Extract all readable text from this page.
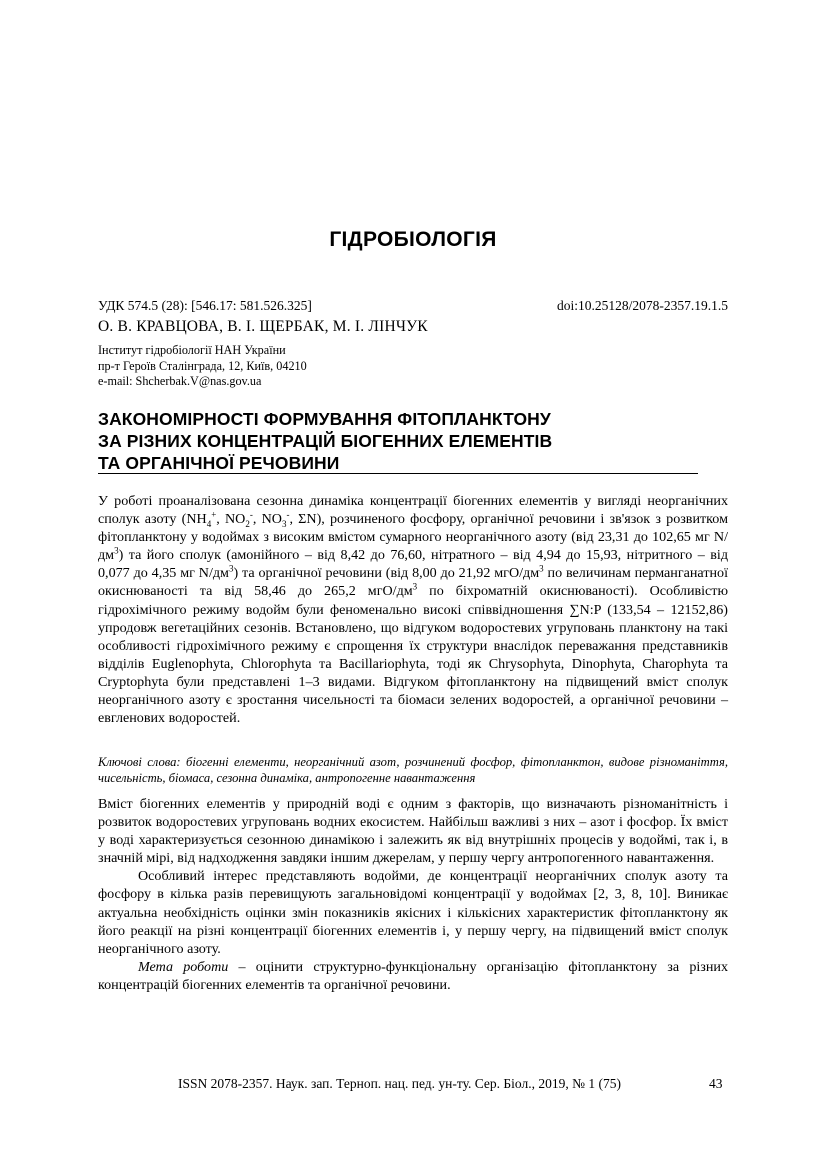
ГІДРОБІОЛОГІЯ
УДК 574.5 (28): [546.17: 581.526.325]	doi:10.25128/2078-2357.19.1.5
О. В. КРАВЦОВА, В. І. ЩЕРБАК, М. І. ЛІНЧУК
Інститут гідробіології НАН України
пр-т Героїв Сталінграда, 12, Київ, 04210
e-mail: Shcherbak.V@nas.gov.ua
ЗАКОНОМІРНОСТІ ФОРМУВАННЯ ФІТОПЛАНКТОНУ
ЗА РІЗНИХ КОНЦЕНТРАЦІЙ БІОГЕННИХ ЕЛЕМЕНТІВ
ТА ОРГАНІЧНОЇ РЕЧОВИНИ
У роботі проаналізована сезонна динаміка концентрації біогенних елементів у вигляді неорганічних сполук азоту ($NH_4^+$, $NO_2^-$, $NO_3^-$, ΣN), розчиненого фосфору, органічної речовини і зв'язок з розвитком фітопланктону у водоймах з високим вмістом сумарного неорганічного азоту (від 23,31 до 102,65 мг $N/дм^3$) та його сполук (амонійного – від 8,42 до 76,60, нітратного – від 4,94 до 15,93, нітритного – від 0,077 до 4,35 мг $N/дм^3$) та органічної речовини (від 8,00 до 21,92 мгО/$дм^3$ по величинам перманганатної окиснюваності та від 58,46 до 265,2 мгО/$дм^3$ по біхроматній окиснюваності). Особливістю гідрохімічного режиму водойм були феноменально високі співвідношення ∑N:P (133,54 – 12152,86) упродовж вегетаційних сезонів. Встановлено, що відгуком водоростевих угруповань планктону на такі особливості гідрохімічного режиму є спрощення їх структури внаслідок переважання представників відділів Euglenophyta, Chlorophyta та Bacillariophyta, тоді як Chrysophyta, Dinophyta, Charophyta та Cryptophyta були представлені 1–3 видами. Відгуком фітопланктону на підвищений вміст сполук неорганічного азоту є зростання чисельності та біомаси зелених водоростей, а органічної речовини – евгленових водоростей.
Ключові слова: біогенні елементи, неорганічний азот, розчинений фосфор, фітопланктон, видове різноманіття, чисельність, біомаса, сезонна динаміка, антропогенне навантаження

Вміст біогенних елементів у природній воді є одним з факторів, що визначають різноманітність і розвиток водоростевих угруповань водних екосистем. Найбільш важливі з них – азот і фосфор. Їх вміст у воді характеризується сезонною динамікою і залежить як від внутрішніх процесів у водоймі, так і, в значній мірі, від надходження завдяки іншим джерелам, у першу чергу антропогенного навантаження.

Особливий інтерес представляють водойми, де концентрації неорганічних сполук азоту та фосфору в кілька разів перевищують загальновідомі концентрації у водоймах [2, 3, 8, 10]. Виникає актуальна необхідність оцінки змін показників якісних і кількісних характеристик фітопланктону як його реакції на різні концентрації біогенних елементів і, у першу чергу, на підвищений вміст сполук неорганічного азоту.

Мета роботи – оцінити структурно-функціональну організацію фітопланктону за різних концентрацій біогенних елементів та органічної речовини.

ISSN 2078-2357. Наук. зап. Терноп. нац. пед. ун-ту. Сер. Біол., 2019, № 1 (75)	43
